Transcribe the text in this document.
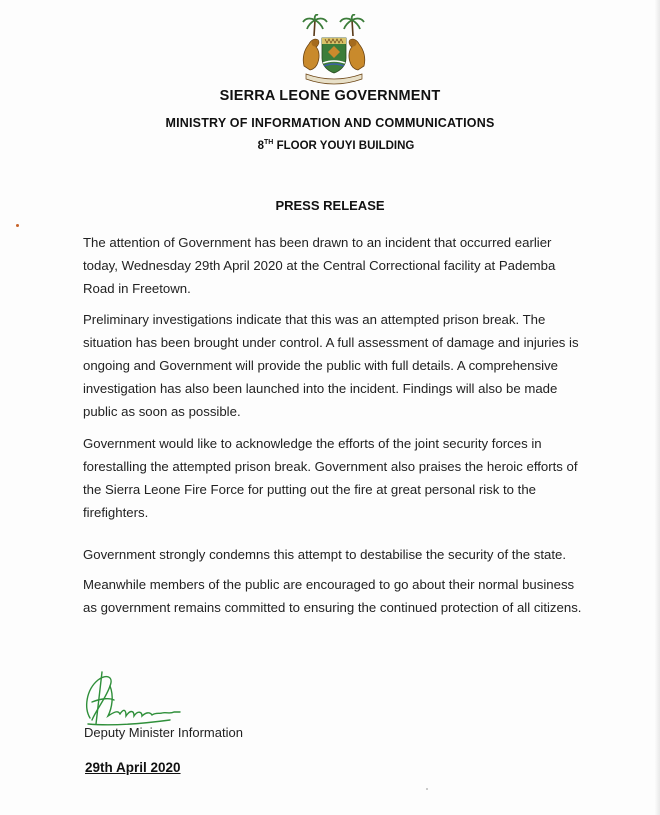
SIERRA LEONE GOVERNMENT
MINISTRY OF INFORMATION AND COMMUNICATIONS
8TH FLOOR YOUYI BUILDING
PRESS RELEASE

The attention of Government has been drawn to an incident that occurred earlier today, Wednesday 29th April 2020 at the Central Correctional facility at Pademba Road in Freetown.

Preliminary investigations indicate that this was an attempted prison break. The situation has been brought under control. A full assessment of damage and injuries is ongoing and Government will provide the public with full details. A comprehensive investigation has also been launched into the incident. Findings will also be made public as soon as possible.

Government would like to acknowledge the efforts of the joint security forces in forestalling the attempted prison break. Government also praises the heroic efforts of the Sierra Leone Fire Force for putting out the fire at great personal risk to the firefighters.

Government strongly condemns this attempt to destabilise the security of the state.

Meanwhile members of the public are encouraged to go about their normal business as government remains committed to ensuring the continued protection of all citizens.

Deputy Minister Information
29th April 2020
